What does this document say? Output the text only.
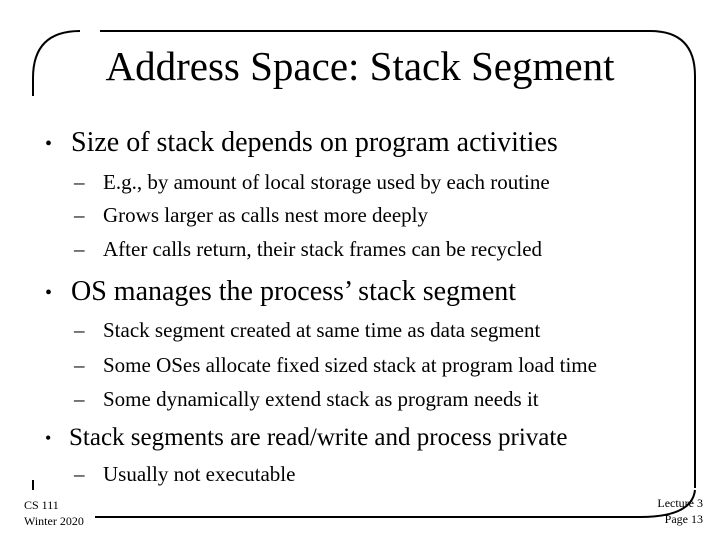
Address Space: Stack Segment
• Size of stack depends on program activities
– E.g., by amount of local storage used by each routine
– Grows larger as calls nest more deeply
– After calls return, their stack frames can be recycled
• OS manages the process’ stack segment
– Stack segment created at same time as data segment
– Some OSes allocate fixed sized stack at program load time
– Some dynamically extend stack as program needs it
• Stack segments are read/write and process private
– Usually not executable
CS 111
Winter 2020
Lecture 3
Page 13
